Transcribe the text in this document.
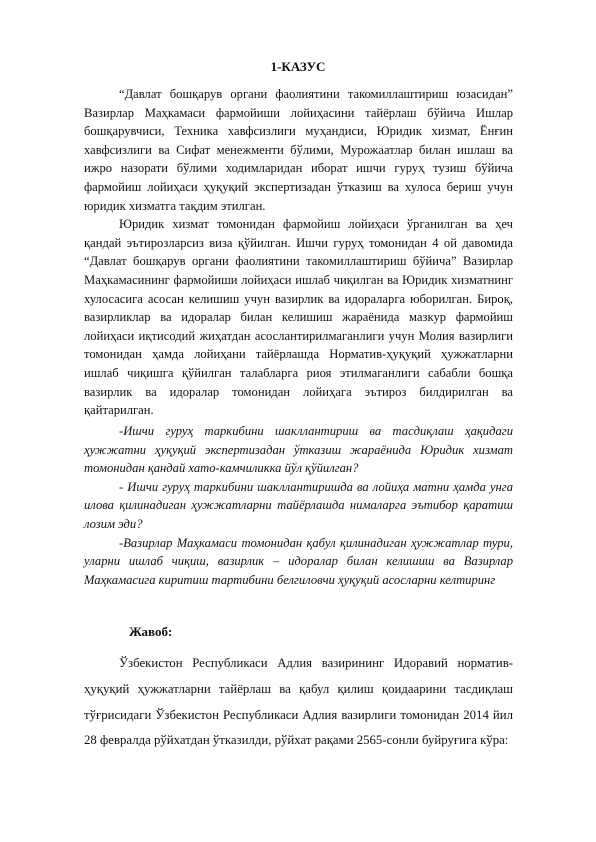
1-КАЗУС

“Давлат бошқарув органи фаолиятини такомиллаштириш юзасидан” Вазирлар Маҳкамаси фармойиши лойиҳасини тайёрлаш бўйича Ишлар бошқарувчиси, Техника хавфсизлиги муҳандиси, Юридик хизмат, Ёнғин хавфсизлиги ва Сифат менежменти бўлими, Мурожаатлар билан ишлаш ва ижро назорати бўлими ходимларидан иборат ишчи гуруҳ тузиш бўйича фармойиш лойиҳаси ҳуқуқий экспертизадан ўтказиш ва хулоса бериш учун юридик хизматга тақдим этилган.

Юридик хизмат томонидан фармойиш лойиҳаси ўрганилган ва ҳеч қандай эътирозларсиз виза қўйилган. Ишчи гуруҳ томонидан 4 ой давомида “Давлат бошқарув органи фаолиятини такомиллаштириш бўйича” Вазирлар Маҳкамасининг фармойиши лойиҳаси ишлаб чиқилган ва Юридик хизматнинг хулосасига асосан келишиш учун вазирлик ва идораларга юборилган. Бироқ, вазирликлар ва идоралар билан келишиш жараёнида мазкур фармойиш лойиҳаси иқтисодий жиҳатдан асослантирилмаганлиги учун Молия вазирлиги томонидан ҳамда лойиҳани тайёрлашда Норматив-ҳуқуқий ҳужжатларни ишлаб чиқишга қўйилган талабларга риоя этилмаганлиги сабабли бошқа вазирлик ва идоралар томонидан лойиҳага эътироз билдирилган ва қайтарилган.

-Ишчи гуруҳ таркибини шакллантириш ва тасдиқлаш ҳақидаги ҳужжатни ҳуқуқий экспертизадан ўтказиш жараёнида Юридик хизмат томонидан қандай хато-камчиликка йўл қўйилган?

- Ишчи гуруҳ таркибини шакллантиришда ва лойиҳа матни ҳамда унга илова қилинадиган ҳужжатларни тайёрлашда нималарга эътибор қаратиш лозим эди?

-Вазирлар Маҳкамаси томонидан қабул қилинадиган ҳужжатлар тури, уларни ишлаб чиқиш, вазирлик – идоралар билан келишиш ва Вазирлар Маҳкамасига киритиш тартибини белгиловчи ҳуқуқий асосларни келтиринг

Жавоб:

Ўзбекистон Республикаси Адлия вазирининг Идоравий норматив-ҳуқуқий ҳужжатларни тайёрлаш ва қабул қилиш қоидаарини тасдиқлаш тўғрисидаги Ўзбекистон Республикаси Адлия вазирлиги томонидан 2014 йил 28 февралда рўйхатдан ўтказилди, рўйхат рақами 2565-сонли буйруғига кўра:
